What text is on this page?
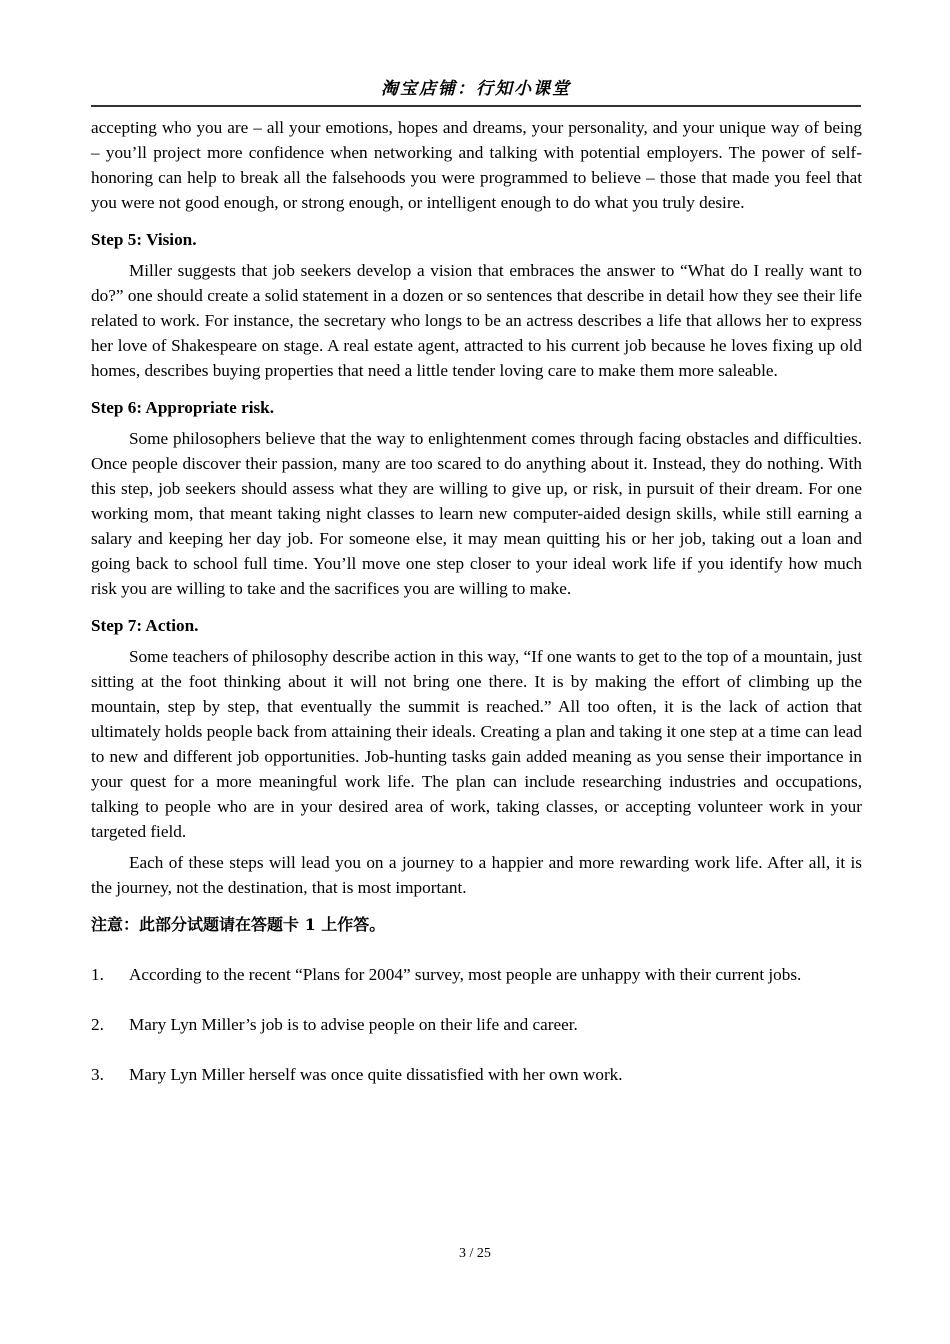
淘宝店铺：行知小课堂

accepting who you are – all your emotions, hopes and dreams, your personality, and your unique way of being – you’ll project more confidence when networking and talking with potential employers. The power of self-honoring can help to break all the falsehoods you were programmed to believe – those that made you feel that you were not good enough, or strong enough, or intelligent enough to do what you truly desire.

Step 5: Vision.

Miller suggests that job seekers develop a vision that embraces the answer to “What do I really want to do?” one should create a solid statement in a dozen or so sentences that describe in detail how they see their life related to work. For instance, the secretary who longs to be an actress describes a life that allows her to express her love of Shakespeare on stage. A real estate agent, attracted to his current job because he loves fixing up old homes, describes buying properties that need a little tender loving care to make them more saleable.

Step 6: Appropriate risk.

Some philosophers believe that the way to enlightenment comes through facing obstacles and difficulties. Once people discover their passion, many are too scared to do anything about it. Instead, they do nothing. With this step, job seekers should assess what they are willing to give up, or risk, in pursuit of their dream. For one working mom, that meant taking night classes to learn new computer-aided design skills, while still earning a salary and keeping her day job. For someone else, it may mean quitting his or her job, taking out a loan and going back to school full time. You’ll move one step closer to your ideal work life if you identify how much risk you are willing to take and the sacrifices you are willing to make.

Step 7: Action.

Some teachers of philosophy describe action in this way, “If one wants to get to the top of a mountain, just sitting at the foot thinking about it will not bring one there. It is by making the effort of climbing up the mountain, step by step, that eventually the summit is reached.” All too often, it is the lack of action that ultimately holds people back from attaining their ideals. Creating a plan and taking it one step at a time can lead to new and different job opportunities. Job-hunting tasks gain added meaning as you sense their importance in your quest for a more meaningful work life. The plan can include researching industries and occupations, talking to people who are in your desired area of work, taking classes, or accepting volunteer work in your targeted field.

Each of these steps will lead you on a journey to a happier and more rewarding work life. After all, it is the journey, not the destination, that is most important.

注意：此部分试题请在答题卡 1 上作答。

1.	According to the recent “Plans for 2004” survey, most people are unhappy with their current jobs.
2.	Mary Lyn Miller’s job is to advise people on their life and career.
3.	Mary Lyn Miller herself was once quite dissatisfied with her own work.
3 / 25
